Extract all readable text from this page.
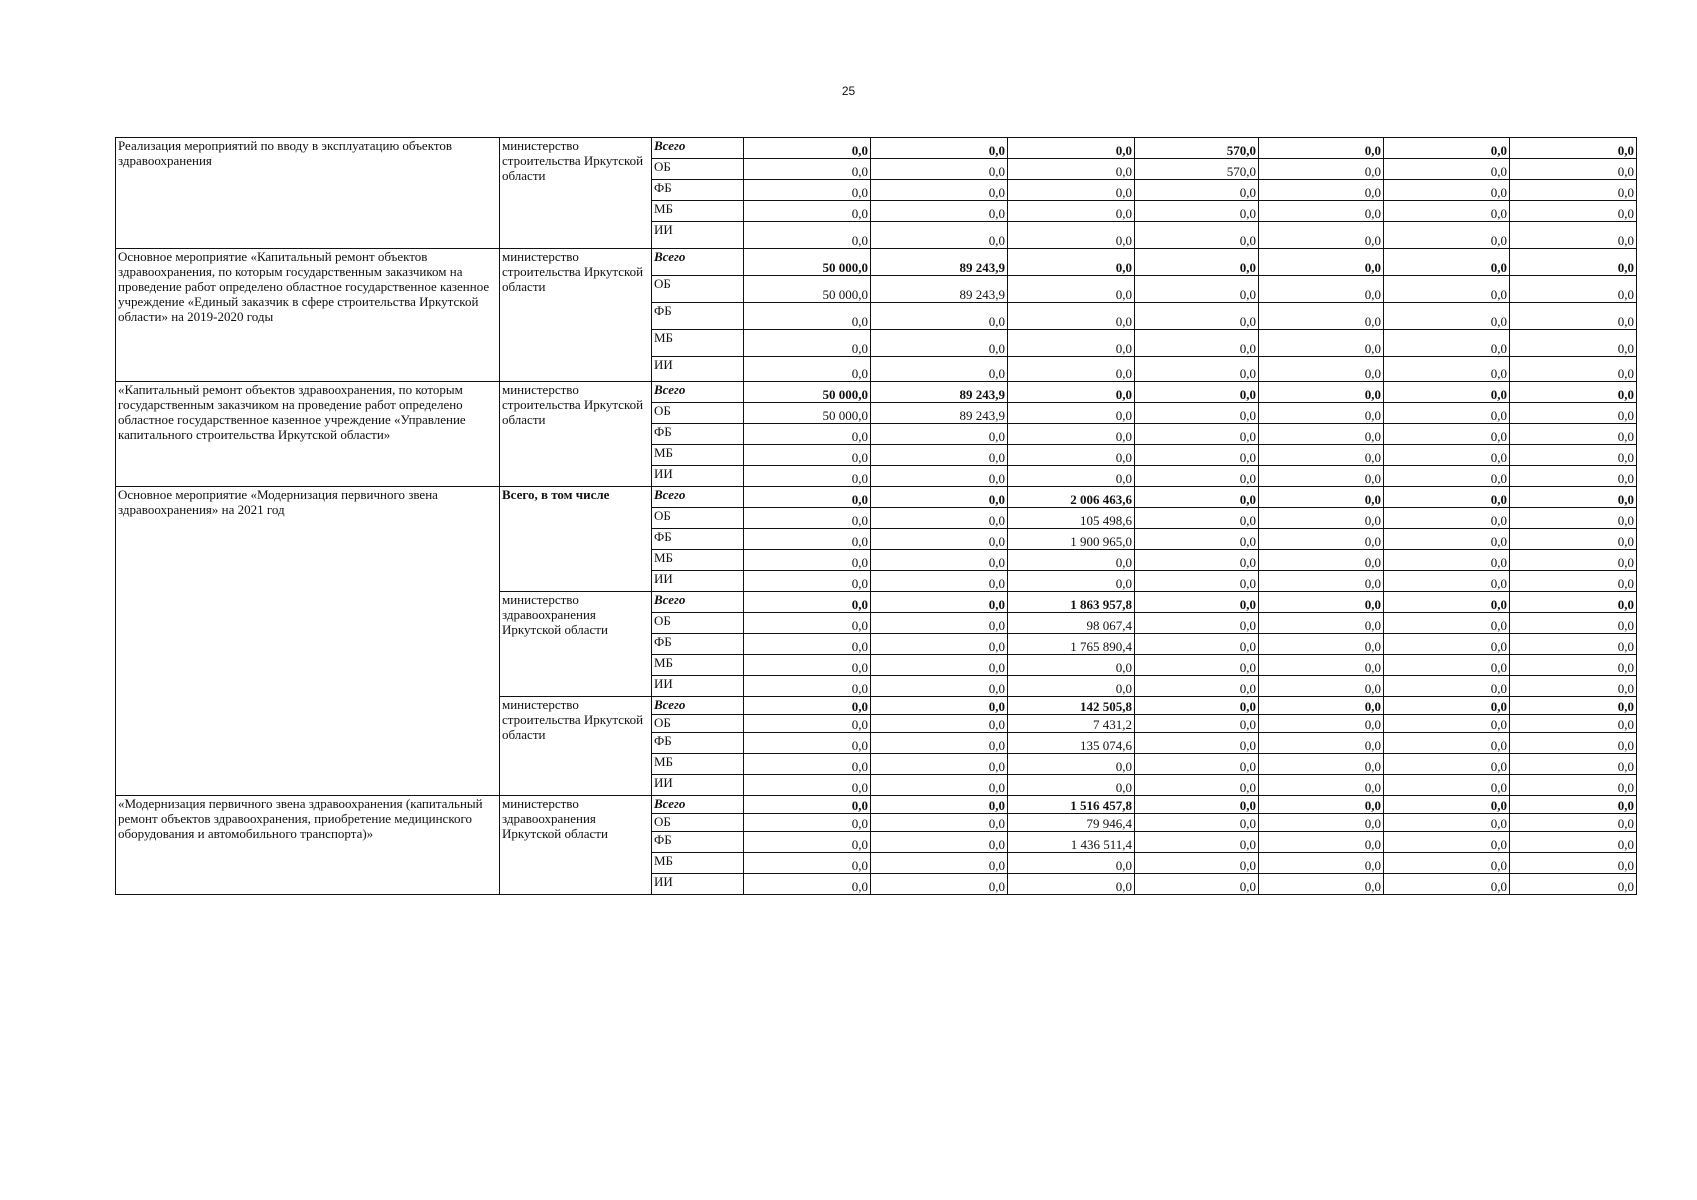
25
Реализация мероприятий по вводу в эксплуатацию объектов здравоохранения	министерство строительства Иркутской области	Всего	0,0	0,0	0,0	570,0	0,0	0,0	0,0
		ОБ	0,0	0,0	0,0	570,0	0,0	0,0	0,0
		ФБ	0,0	0,0	0,0	0,0	0,0	0,0	0,0
		МБ	0,0	0,0	0,0	0,0	0,0	0,0	0,0
		ИИ	0,0	0,0	0,0	0,0	0,0	0,0	0,0
Основное мероприятие «Капитальный ремонт объектов здравоохранения, по которым государственным заказчиком на проведение работ определено областное государственное казенное учреждение «Единый заказчик в сфере строительства Иркутской области» на 2019-2020 годы	министерство строительства Иркутской области	Всего	50 000,0	89 243,9	0,0	0,0	0,0	0,0	0,0
		ОБ	50 000,0	89 243,9	0,0	0,0	0,0	0,0	0,0
		ФБ	0,0	0,0	0,0	0,0	0,0	0,0	0,0
		МБ	0,0	0,0	0,0	0,0	0,0	0,0	0,0
		ИИ	0,0	0,0	0,0	0,0	0,0	0,0	0,0
«Капитальный ремонт объектов здравоохранения, по которым государственным заказчиком на проведение работ определено областное государственное казенное учреждение «Управление капитального строительства Иркутской области»	министерство строительства Иркутской области	Всего	50 000,0	89 243,9	0,0	0,0	0,0	0,0	0,0
		ОБ	50 000,0	89 243,9	0,0	0,0	0,0	0,0	0,0
		ФБ	0,0	0,0	0,0	0,0	0,0	0,0	0,0
		МБ	0,0	0,0	0,0	0,0	0,0	0,0	0,0
		ИИ	0,0	0,0	0,0	0,0	0,0	0,0	0,0
Основное мероприятие «Модернизация первичного звена здравоохранения» на 2021 год	Всего, в том числе	Всего	0,0	0,0	2 006 463,6	0,0	0,0	0,0	0,0
		ОБ	0,0	0,0	105 498,6	0,0	0,0	0,0	0,0
		ФБ	0,0	0,0	1 900 965,0	0,0	0,0	0,0	0,0
		МБ	0,0	0,0	0,0	0,0	0,0	0,0	0,0
		ИИ	0,0	0,0	0,0	0,0	0,0	0,0	0,0
	министерство здравоохранения Иркутской области	Всего	0,0	0,0	1 863 957,8	0,0	0,0	0,0	0,0
		ОБ	0,0	0,0	98 067,4	0,0	0,0	0,0	0,0
		ФБ	0,0	0,0	1 765 890,4	0,0	0,0	0,0	0,0
		МБ	0,0	0,0	0,0	0,0	0,0	0,0	0,0
		ИИ	0,0	0,0	0,0	0,0	0,0	0,0	0,0
	министерство строительства Иркутской области	Всего	0,0	0,0	142 505,8	0,0	0,0	0,0	0,0
		ОБ	0,0	0,0	7 431,2	0,0	0,0	0,0	0,0
		ФБ	0,0	0,0	135 074,6	0,0	0,0	0,0	0,0
		МБ	0,0	0,0	0,0	0,0	0,0	0,0	0,0
		ИИ	0,0	0,0	0,0	0,0	0,0	0,0	0,0
«Модернизация первичного звена здравоохранения (капитальный ремонт объектов здравоохранения, приобретение медицинского оборудования и автомобильного транспорта)»	министерство здравоохранения Иркутской области	Всего	0,0	0,0	1 516 457,8	0,0	0,0	0,0	0,0
		ОБ	0,0	0,0	79 946,4	0,0	0,0	0,0	0,0
		ФБ	0,0	0,0	1 436 511,4	0,0	0,0	0,0	0,0
		МБ	0,0	0,0	0,0	0,0	0,0	0,0	0,0
		ИИ	0,0	0,0	0,0	0,0	0,0	0,0	0,0
